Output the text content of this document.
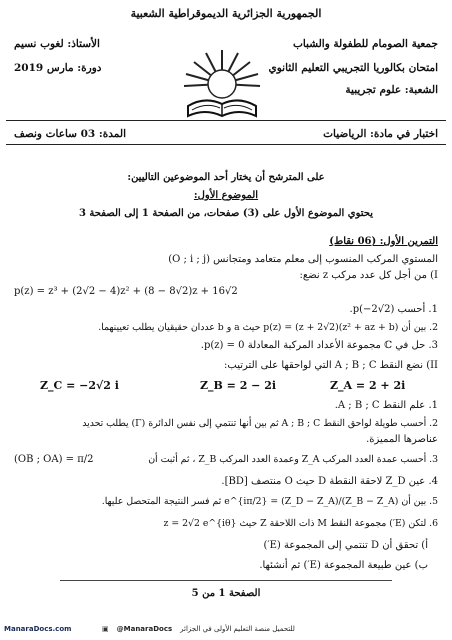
الجمهورية الجزائرية الديموقراطية الشعبية
جمعية الصومام للطفولة والشباب
الأستاذ: لغوب نسيم
امتحان بكالوريا التجريبي التعليم الثانوي
دورة: مارس 2019
الشعبة: علوم تجريبية
اختبار في مادة: الرياضيات
المدة: 03 ساعات ونصف
على المترشح أن يختار أحد الموضوعين التاليين:
الموضوع الأول:
يحتوي الموضوع الأول على (3) صفحات، من الصفحة 1 إلى الصفحة 3
التمرين الأول: (06 نقاط)
المستوي المركب المنسوب إلى معلم متعامد ومتجانس (O ; i ; j)
I) من أجل كل عدد مركب z نضع:
p(z) = z³ + (2√2 − 4)z² + (8 − 8√2)z + 16√2
1. أحسب p(−2√2).
2. بين أن p(z) = (z + 2√2)(z² + az + b) حيث a و b عددان حقيقيان يطلب تعيينهما.
3. حل في ℂ مجموعة الأعداد المركبة المعادلة p(z) = 0.
II) نضع النقط A ; B ; C التي لواحقها على الترتيب:
Z_C = −2√2 i	Z_B = 2 − 2i	Z_A = 2 + 2i
1. علم النقط A ; B ; C.
2. أحسب طويلة لواحق النقط A ; B ; C ثم بين أنها تنتمي إلى نفس الدائرة (Γ) يطلب تحديد
عناصرها المميزة.
3. أحسب عمدة العدد المركب Z_A وعمدة العدد المركب Z_B ، ثم أثبت أن
(OB ; OA) = π/2
4. عين Z_D لاحقة النقطة D حيث O منتصف [BD].
5. بين أن (Z_B − Z_A)/(Z_D − Z_A) = e^{iπ/2} ثم فسر النتيجة المتحصل عليها.
6. لتكن (E′) مجموعة النقط M ذات اللاحقة Z حيث z = 2√2 e^{iθ}
أ) تحقق أن D تنتمي إلى المجموعة (E′)
ب) عين طبيعة المجموعة (E′) ثم أنشئها.
الصفحة 1 من 5
ManaraDocs.com	▣	@ManaraDocs	للتحميل منصة التعليم الأولى في الجزائر
